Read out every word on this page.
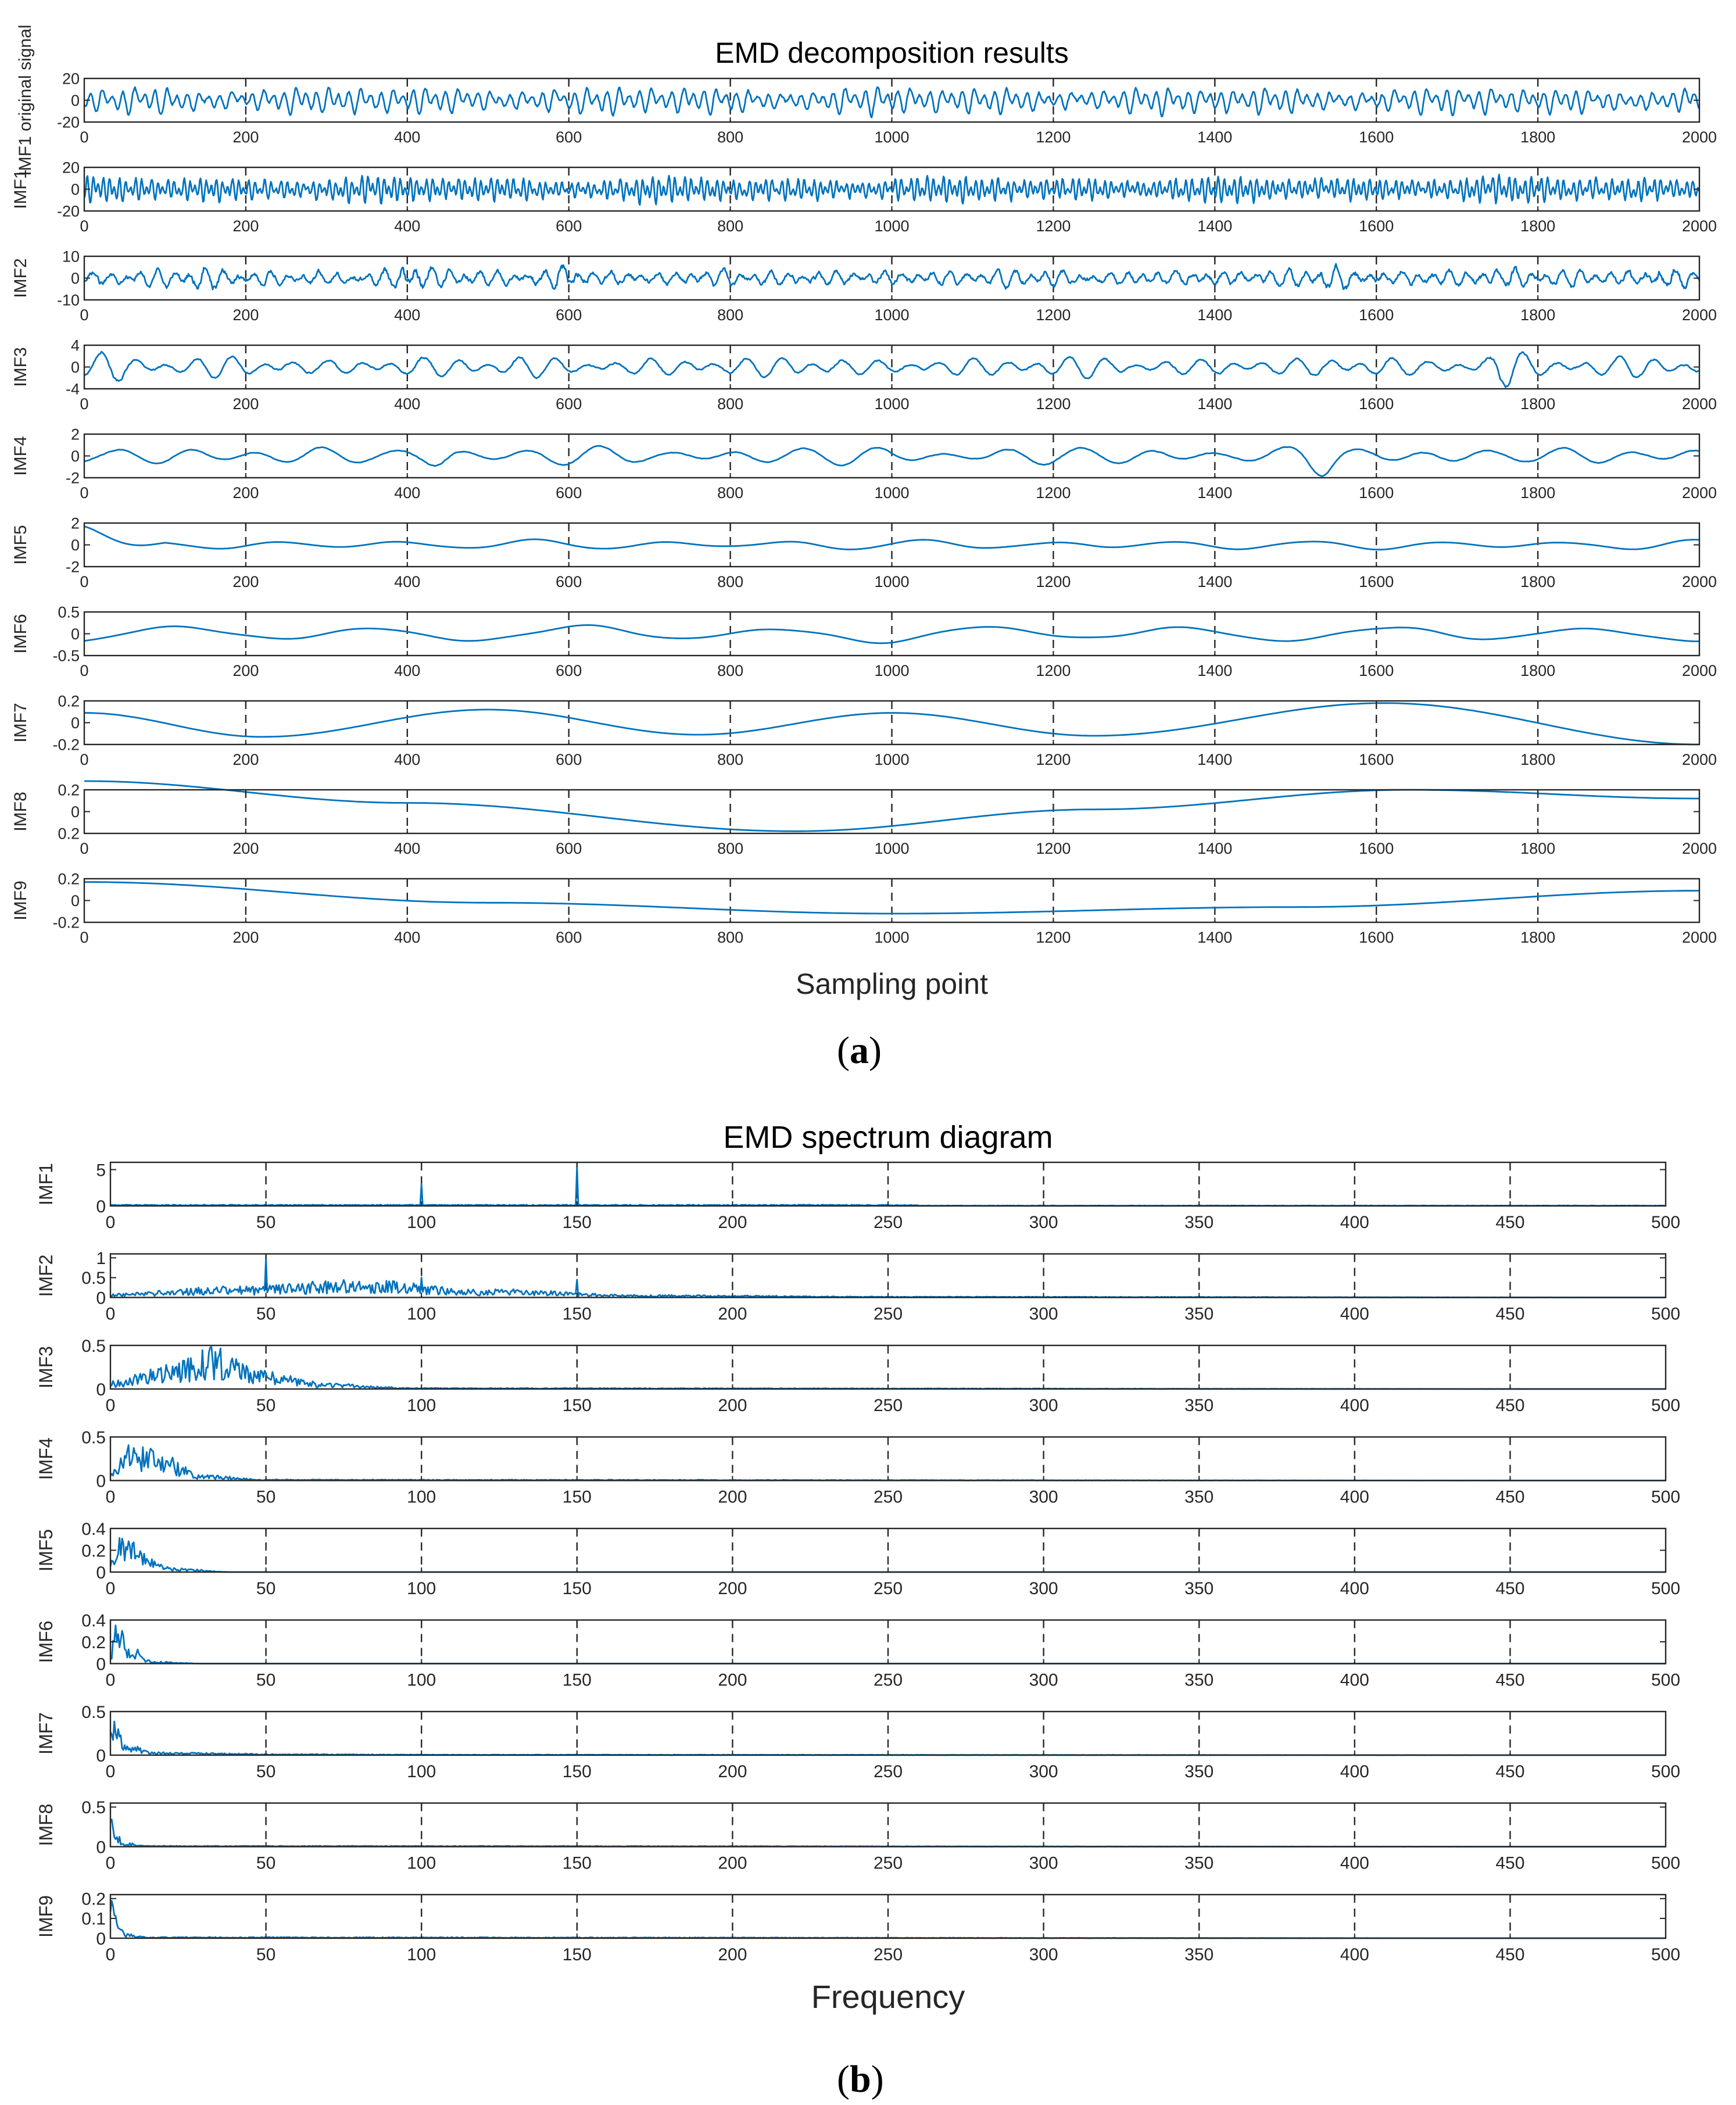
EMD decomposition results
0	200	400	600	800	1000	1200	1400	1600	1800	2000
-20
0
20
IMF1 original signal
0	200	400	600	800	1000	1200	1400	1600	1800	2000
-20
0
20
IMF1
0	200	400	600	800	1000	1200	1400	1600	1800	2000
-10
0
10
IMF2
0	200	400	600	800	1000	1200	1400	1600	1800	2000
-4
0
4
IMF3
0	200	400	600	800	1000	1200	1400	1600	1800	2000
-2
0
2
IMF4
0	200	400	600	800	1000	1200	1400	1600	1800	2000
-2
0
2
IMF5
0	200	400	600	800	1000	1200	1400	1600	1800	2000
-0.5
0
0.5
IMF6
0	200	400	600	800	1000	1200	1400	1600	1800	2000
-0.2
0
0.2
IMF7
0	200	400	600	800	1000	1200	1400	1600	1800	2000
0.2
0
0.2
IMF8
0	200	400	600	800	1000	1200	1400	1600	1800	2000
-0.2
0
0.2
IMF9
Sampling point
EMD spectrum diagram
0	50	100	150	200	250	300	350	400	450	500
0
5
IMF1
0	50	100	150	200	250	300	350	400	450	500
0
0.5
1
IMF2
0	50	100	150	200	250	300	350	400	450	500
0
0.5
IMF3
0	50	100	150	200	250	300	350	400	450	500
0
0.5
IMF4
0	50	100	150	200	250	300	350	400	450	500
0
0.2
0.4
IMF5
0	50	100	150	200	250	300	350	400	450	500
0
0.2
0.4
IMF6
0	50	100	150	200	250	300	350	400	450	500
0
0.5
IMF7
0	50	100	150	200	250	300	350	400	450	500
0
0.5
IMF8
0	50	100	150	200	250	300	350	400	450	500
0
0.1
0.2
IMF9
Frequency
(a)
(b)
